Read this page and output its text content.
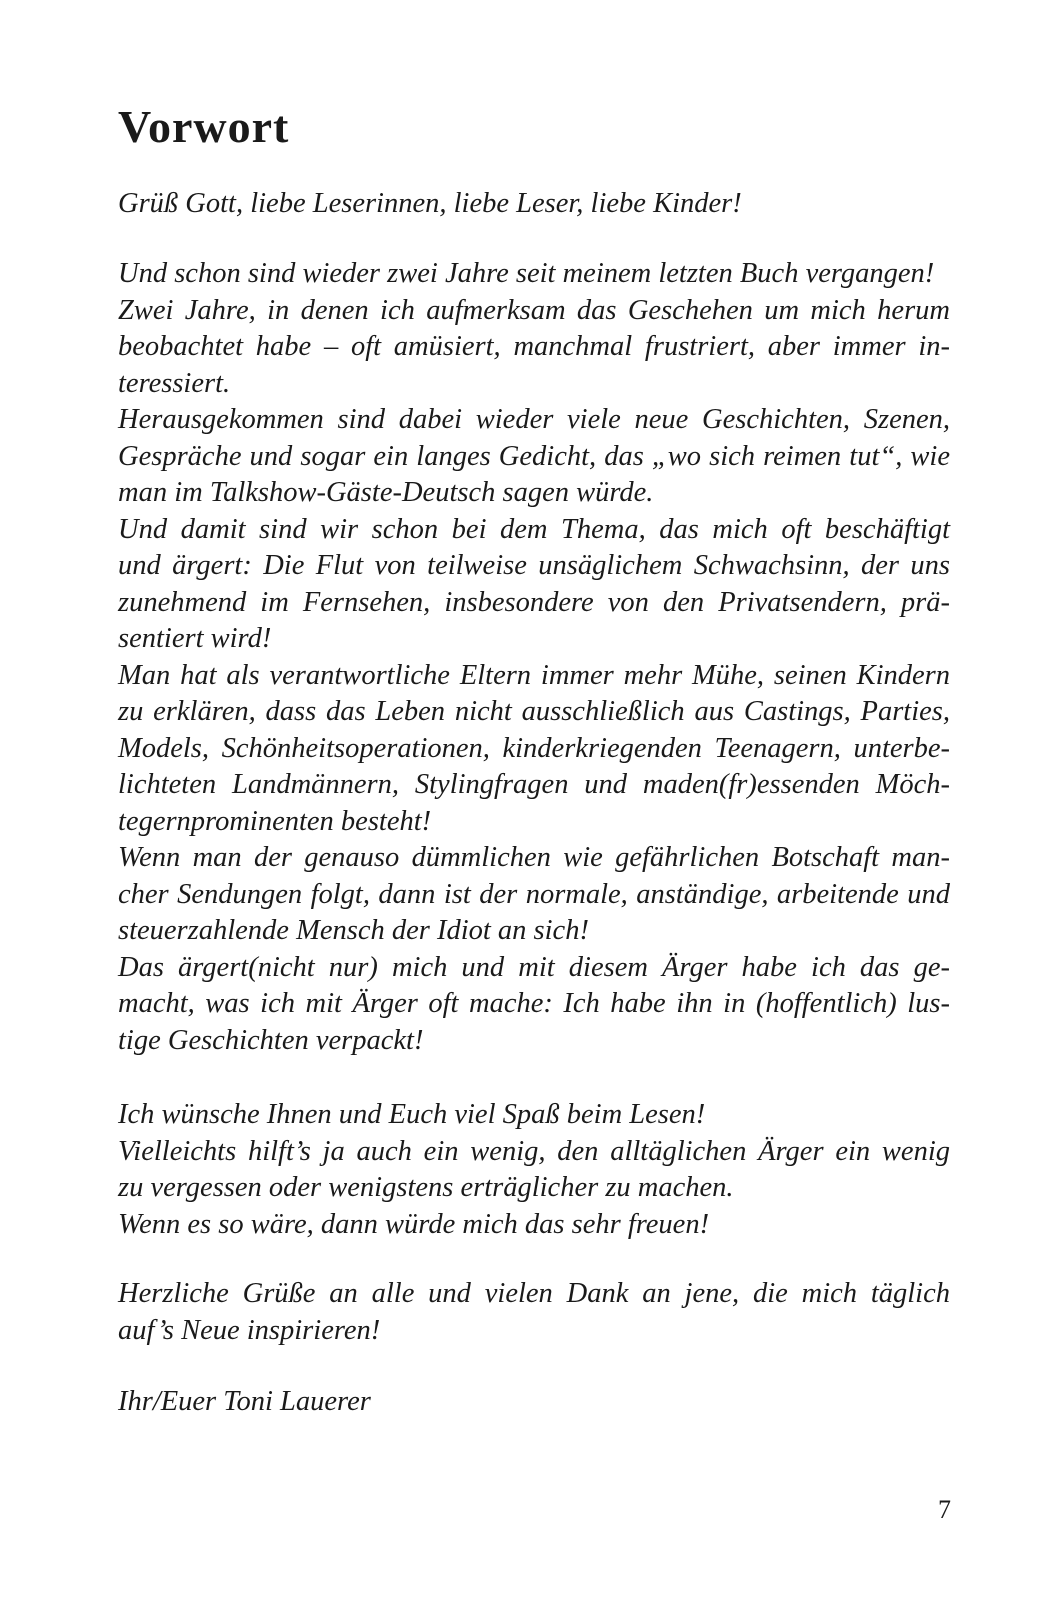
Vorwort

Grüß Gott, liebe Leserinnen, liebe Leser, liebe Kinder!

Und schon sind wieder zwei Jahre seit meinem letzten Buch vergangen!
Zwei Jahre, in denen ich aufmerksam das Geschehen um mich herum
beobachtet habe – oft amüsiert, manchmal frustriert, aber immer in-
teressiert.
Herausgekommen sind dabei wieder viele neue Geschichten, Szenen,
Gespräche und sogar ein langes Gedicht, das „wo sich reimen tut“, wie
man im Talkshow-Gäste-Deutsch sagen würde.
Und damit sind wir schon bei dem Thema, das mich oft beschäftigt
und ärgert: Die Flut von teilweise unsäglichem Schwachsinn, der uns
zunehmend im Fernsehen, insbesondere von den Privatsendern, prä-
sentiert wird!
Man hat als verantwortliche Eltern immer mehr Mühe, seinen Kindern
zu erklären, dass das Leben nicht ausschließlich aus Castings, Parties,
Models, Schönheitsoperationen, kinderkriegenden Teenagern, unterbe-
lichteten Landmännern, Stylingfragen und maden(fr)essenden Möch-
tegernprominenten besteht!
Wenn man der genauso dümmlichen wie gefährlichen Botschaft man-
cher Sendungen folgt, dann ist der normale, anständige, arbeitende und
steuerzahlende Mensch der Idiot an sich!
Das ärgert(nicht nur) mich und mit diesem Ärger habe ich das ge-
macht, was ich mit Ärger oft mache: Ich habe ihn in (hoffentlich) lus-
tige Geschichten verpackt!

Ich wünsche Ihnen und Euch viel Spaß beim Lesen!
Vielleichts hilft’s ja auch ein wenig, den alltäglichen Ärger ein wenig
zu vergessen oder wenigstens erträglicher zu machen.
Wenn es so wäre, dann würde mich das sehr freuen!

Herzliche Grüße an alle und vielen Dank an jene, die mich täglich
auf’s Neue inspirieren!

Ihr/Euer Toni Lauerer

7
